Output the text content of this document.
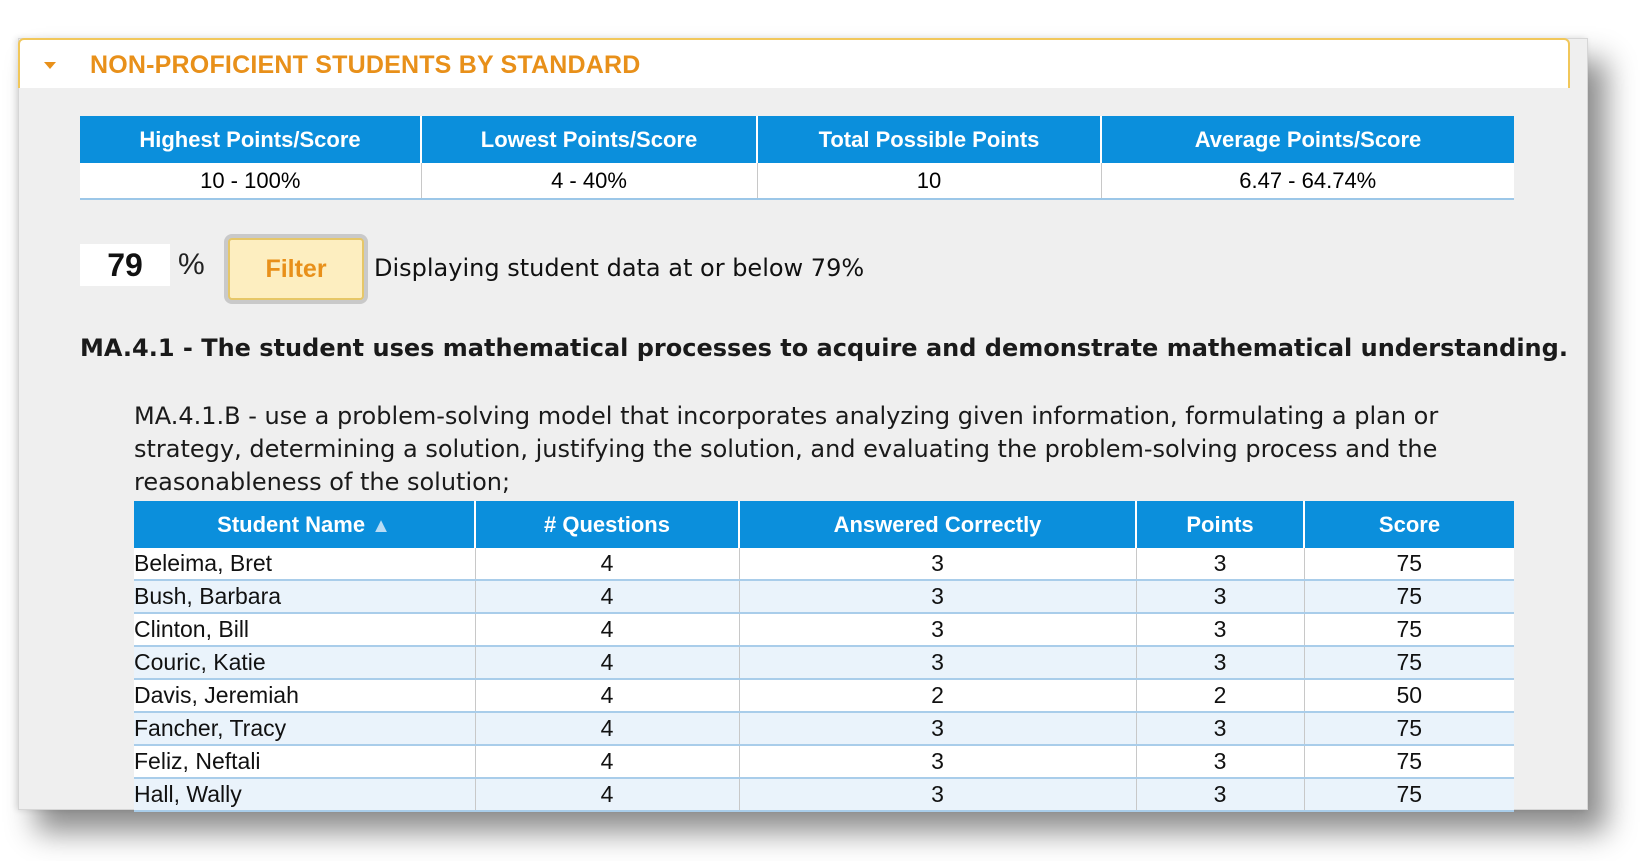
NON-PROFICIENT STUDENTS BY STANDARD
Highest Points/Score	Lowest Points/Score	Total Possible Points	Average Points/Score
10 - 100%	4 - 40%	10	6.47 - 64.74%
79
%	Filter	Displaying student data at or below 79%
MA.4.1 - The student uses mathematical processes to acquire and demonstrate mathematical understanding.
MA.4.1.B - use a problem-solving model that incorporates analyzing given information, formulating a plan or strategy, determining a solution, justifying the solution, and evaluating the problem-solving process and the reasonableness of the solution;
Student Name ▲	# Questions	Answered Correctly	Points	Score
Beleima, Bret	4	3	3	75
Bush, Barbara	4	3	3	75
Clinton, Bill	4	3	3	75
Couric, Katie	4	3	3	75
Davis, Jeremiah	4	2	2	50
Fancher, Tracy	4	3	3	75
Feliz, Neftali	4	3	3	75
Hall, Wally	4	3	3	75
